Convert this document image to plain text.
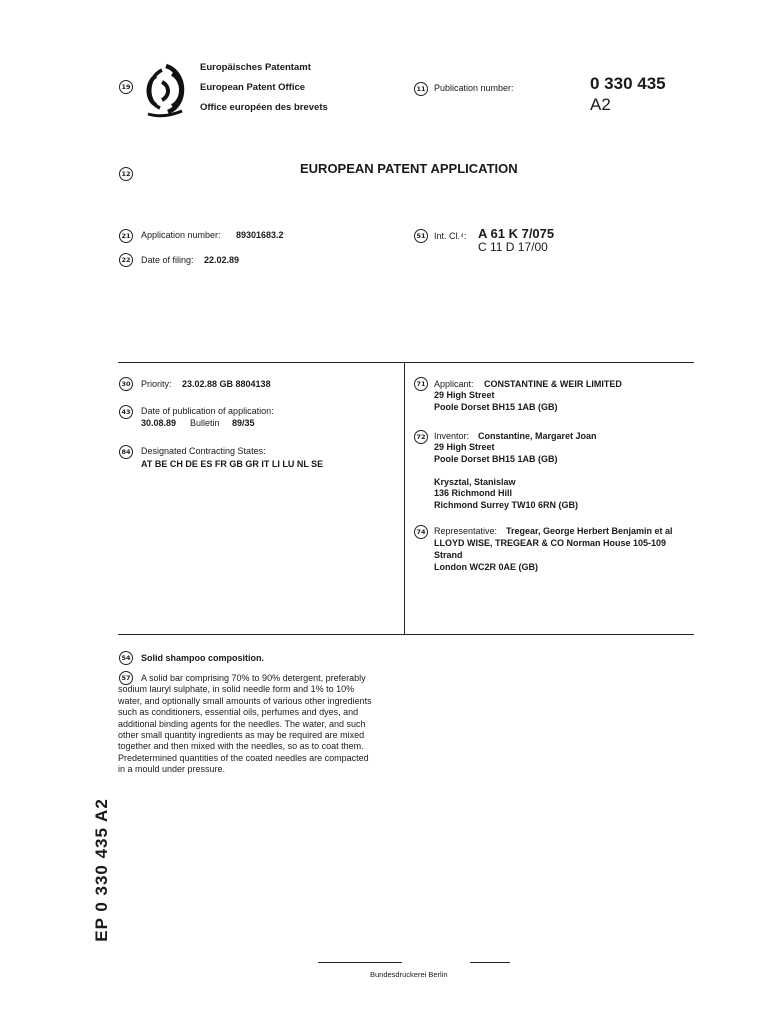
19
Europäisches Patentamt
European Patent Office
Office européen des brevets
11 Publication number:	0 330 435
A2
12	EUROPEAN PATENT APPLICATION
21 Application number: 89301683.2
22 Date of filing: 22.02.89
51 Int. Cl.⁴: A 61 K 7/075
C 11 D 17/00
30 Priority: 23.02.88 GB 8804138
43 Date of publication of application:
30.08.89 Bulletin 89/35
84 Designated Contracting States:
AT BE CH DE ES FR GB GR IT LI LU NL SE
71 Applicant: CONSTANTINE & WEIR LIMITED
29 High Street
Poole Dorset BH15 1AB (GB)
72 Inventor: Constantine, Margaret Joan
29 High Street
Poole Dorset BH15 1AB (GB)
Krysztal, Stanislaw
136 Richmond Hill
Richmond Surrey TW10 6RN (GB)
74 Representative: Tregear, George Herbert Benjamin et al
LLOYD WISE, TREGEAR & CO Norman House 105-109
Strand
London WC2R 0AE (GB)
54 Solid shampoo composition.
57	A solid bar comprising 70% to 90% detergent, preferably
sodium lauryl sulphate, in solid needle form and 1% to 10%
water, and optionally small amounts of various other ingredients
such as conditioners, essential oils, perfumes and dyes, and
additional binding agents for the needles. The water, and such
other small quantity ingredients as may be required are mixed
together and then mixed with the needles, so as to coat them.
Predetermined quantities of the coated needles are compacted
in a mould under pressure.
EP 0 330 435 A2
Bundesdruckerei Berlin
